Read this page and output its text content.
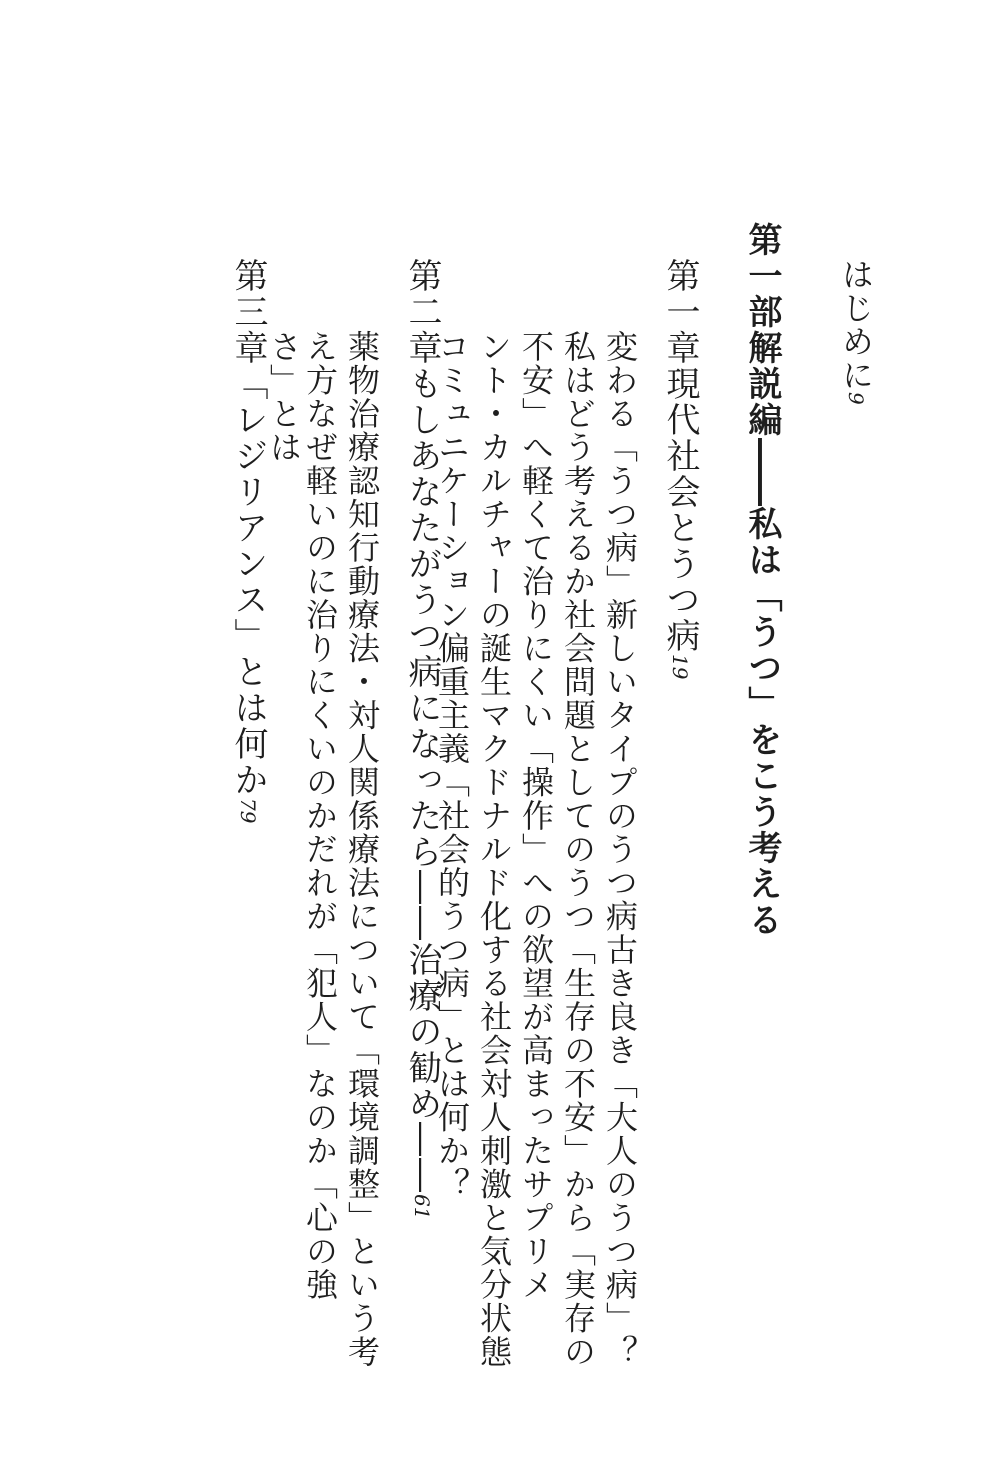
はじめに9
第一部解説編――私は「うつ」をこう考える
第一章現代社会とうつ病19
変わる「うつ病」新しいタイプのうつ病古き良き「大人のうつ病」？
私はどう考えるか社会問題としてのうつ「生存の不安」から「実存の
不安」へ軽くて治りにくい「操作」への欲望が高まったサプリメ
ント・カルチャーの誕生マクドナルド化する社会対人刺激と気分状態
コミュニケーション偏重主義「社会的うつ病」とは何か？
第二章もしあなたがうつ病になったら――治療の勧め――61
薬物治療認知行動療法・対人関係療法について「環境調整」という考
え方なぜ軽いのに治りにくいのかだれが「犯人」なのか「心の強
さ」とは
第三章「レジリアンス」とは何か79
